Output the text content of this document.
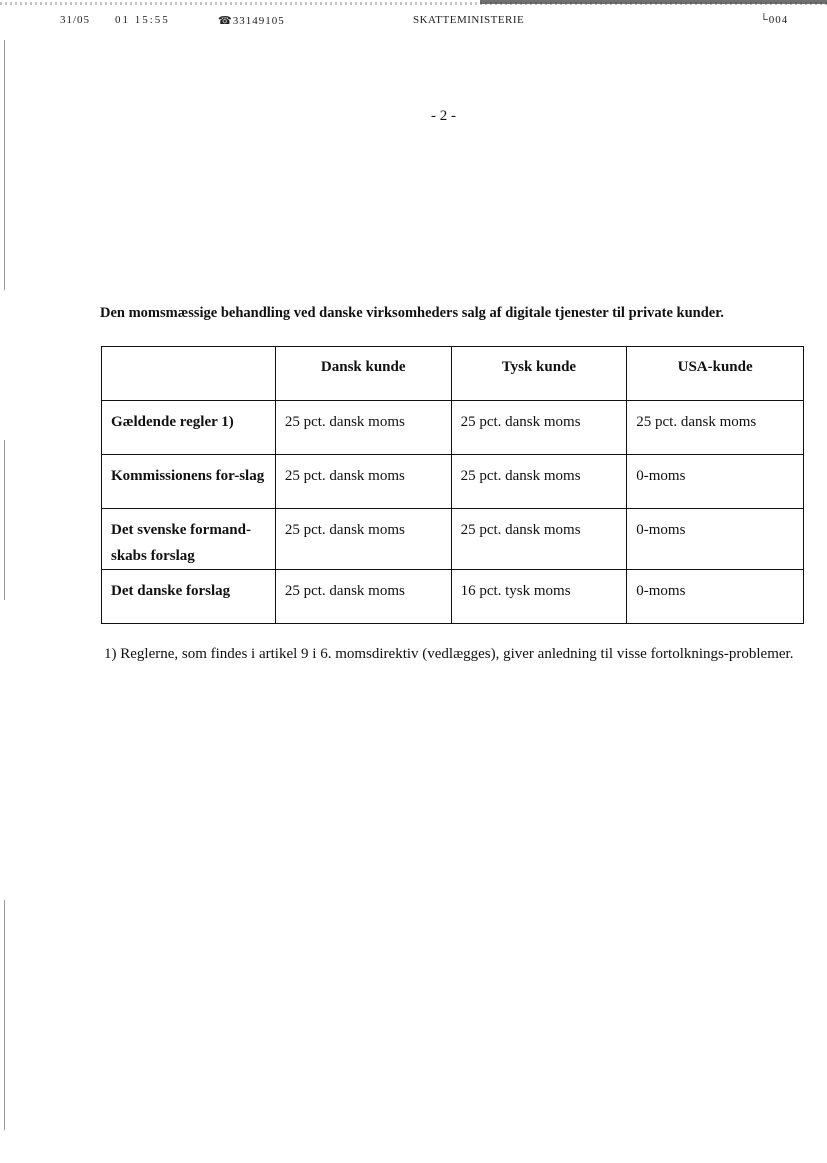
31/05 01 15:55	☎33149105	SKATTEMINISTERIE	└004
- 2 -
Den momsmæssige behandling ved danske virksomheders salg af digitale tjenester til private kunder.
	Dansk kunde	Tysk kunde	USA-kunde
Gældende regler 1)	25 pct. dansk moms	25 pct. dansk moms	25 pct. dansk moms
Kommissionens for-slag	25 pct. dansk moms	25 pct. dansk moms	0-moms
Det svenske formand-skabs forslag	25 pct. dansk moms	25 pct. dansk moms	0-moms
Det danske forslag	25 pct. dansk moms	16 pct. tysk moms	0-moms
1) Reglerne, som findes i artikel 9 i 6. momsdirektiv (vedlægges), giver anledning til visse fortolknings-problemer.
